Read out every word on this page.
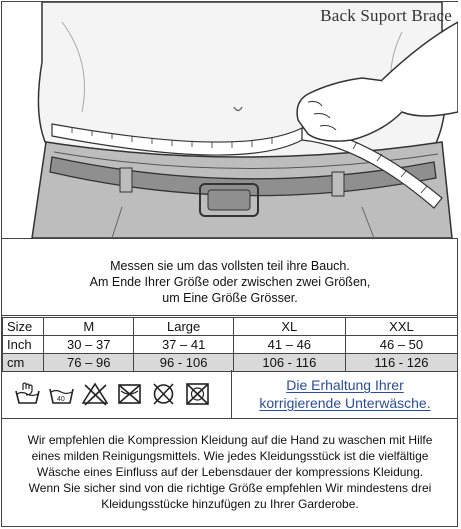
Back Suport Brace
Messen sie um das vollsten teil ihre Bauch.
Am Ende Ihrer Größe oder zwischen zwei Größen,
um Eine Größe Grösser.
Size	M	Large	XL	XXL
Inch	30 – 37	37 – 41	41 – 46	46 – 50
cm	76 – 96	96 - 106	106 - 116	116 - 126
40
Die Erhaltung Ihrer
korrigierende Unterwäsche.
Wir empfehlen die Kompression Kleidung auf die Hand zu waschen mit Hilfe
eines milden Reinigungsmittels. Wie jedes Kleidungsstück ist die vielfältige
Wäsche eines Einfluss auf der Lebensdauer der kompressions Kleidung.
Wenn Sie sicher sind von die richtige Größe empfehlen Wir mindestens drei
Kleidungsstücke hinzufügen zu Ihrer Garderobe.
